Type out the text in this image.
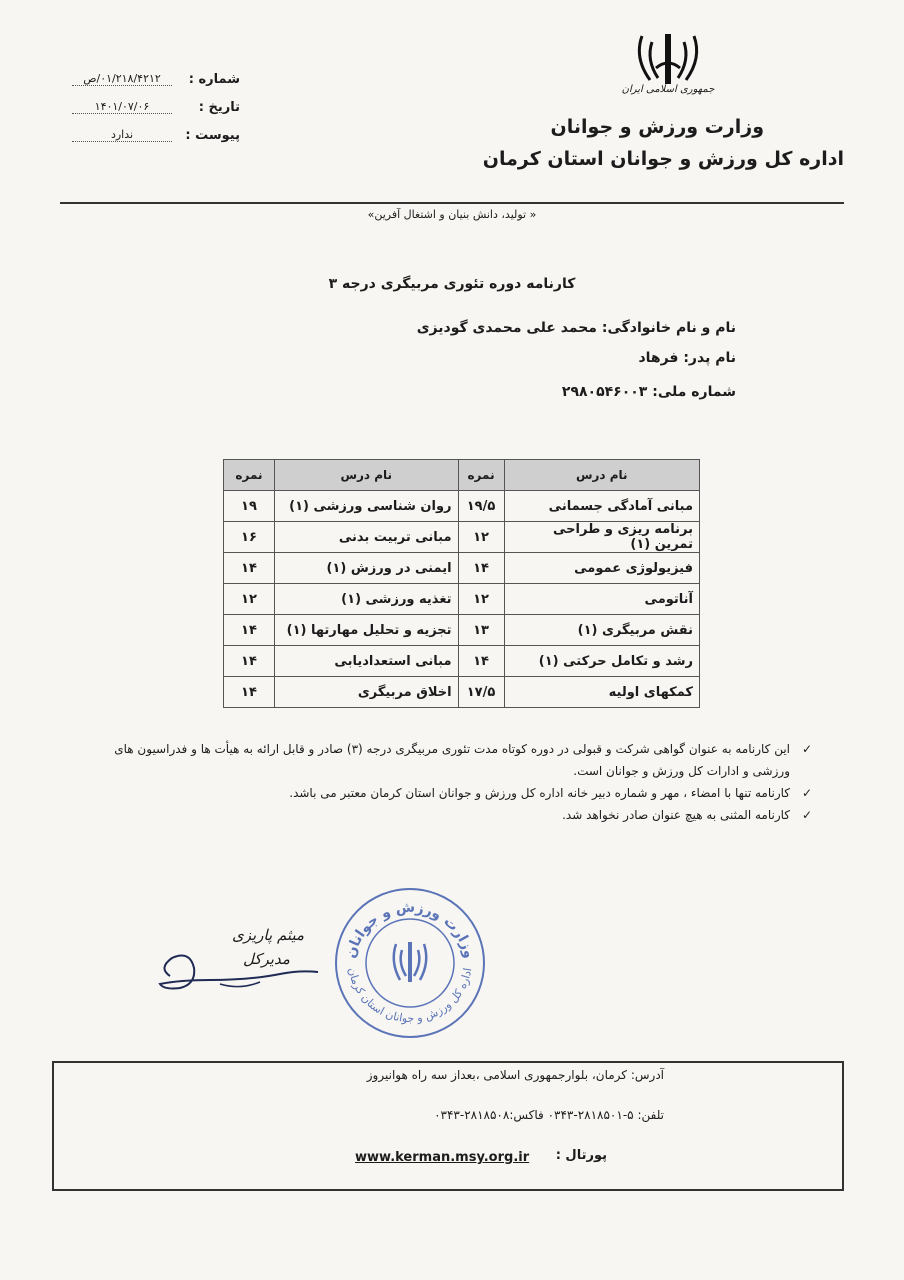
جمهوری اسلامی ایران
وزارت ورزش و جوانان
اداره کل ورزش و جوانان استان کرمان
شماره :
۰۱/۲۱۸/۴۲۱۲/ص
تاریخ :
۱۴۰۱/۰۷/۰۶
پیوست :
ندارد
« تولید، دانش بنیان و اشتغال آفرین»
کارنامه دوره تئوری مربیگری درجه ۳
نام و نام خانوادگی: محمد علی محمدی گودیزی
نام پدر: فرهاد
شماره ملی: ۲۹۸۰۵۴۶۰۰۳
نام درس	نمره	نام درس	نمره
مبانی آمادگی جسمانی	۱۹/۵	روان شناسی ورزشی (۱)	۱۹
برنامه ریزی و طراحی تمرین (۱)	۱۲	مبانی تربیت بدنی	۱۶
فیزیولوژی عمومی	۱۴	ایمنی در ورزش (۱)	۱۴
آناتومی	۱۲	تغذیه ورزشی (۱)	۱۲
نقش مربیگری (۱)	۱۳	تجزیه و تحلیل مهارتها (۱)	۱۴
رشد و تکامل حرکتی (۱)	۱۴	مبانی استعدادیابی	۱۴
کمکهای اولیه	۱۷/۵	اخلاق مربیگری	۱۴
✓
این کارنامه به عنوان گواهی شرکت و قبولی در دوره کوتاه مدت تئوری مربیگری درجه (۳) صادر و قابل ارائه به هیأت ها و فدراسیون های ورزشی و ادارات کل ورزش و جوانان است.
✓
کارنامه تنها با امضاء ، مهر و شماره دبیر خانه اداره کل ورزش و جوانان استان کرمان معتبر می باشد.
✓
کارنامه المثنی به هیچ عنوان صادر نخواهد شد.
میثم پاریزی
مدیرکل	وزارت ورزش و جوانان
اداره کل ورزش و جوانان استان کرمان
آدرس: کرمان، بلوارجمهوری اسلامی ،بعداز سه راه هوانیروز
تلفن: ۵-۲۸۱۸۵۰۱-۰۳۴۳ فاکس:۲۸۱۸۵۰۸-۰۳۴۳
پورتال :
www.kerman.msy.org.ir
